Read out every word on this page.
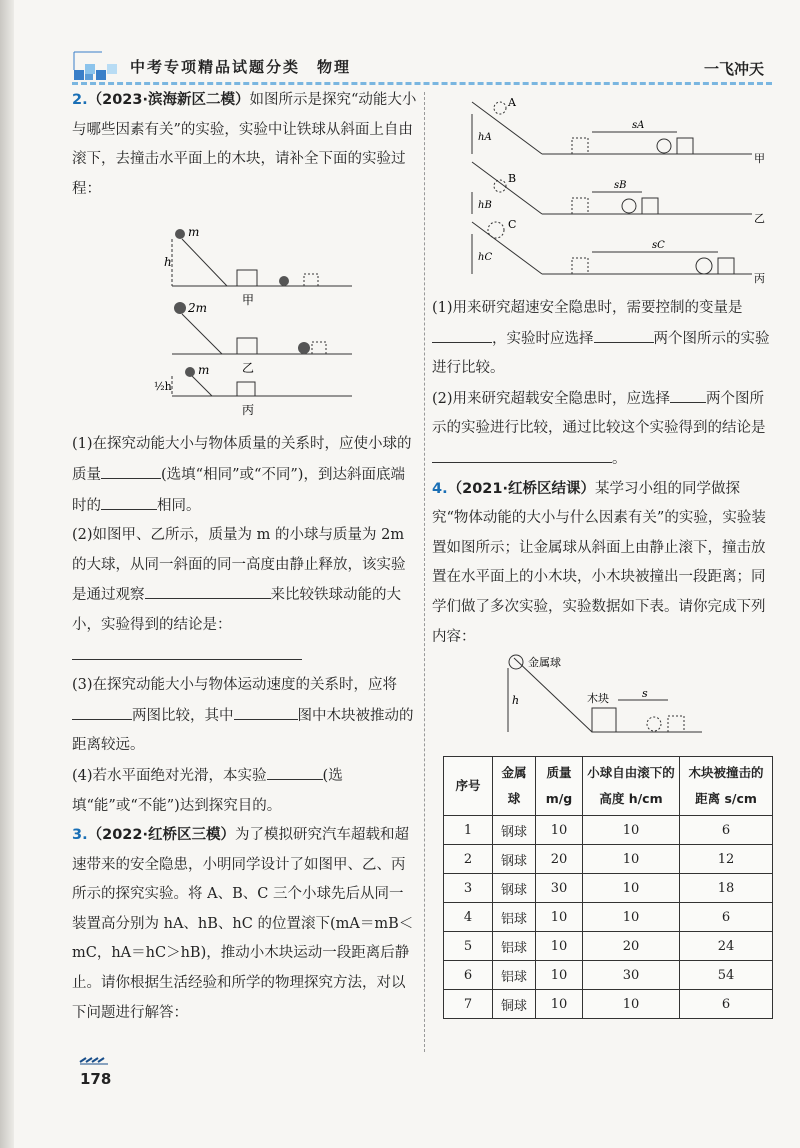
中考专项精品试题分类　物理	一飞冲天

2.（2023·滨海新区二模）如图所示是探究“动能大小与哪些因素有关”的实验，实验中让铁球从斜面上自由滚下，去撞击水平面上的木块，请补全下面的实验过程：

m
h
甲
2m
乙
m
½h
丙

(1)在探究动能大小与物体质量的关系时，应使小球的质量	(选填“相同”或“不同”)，到达斜面底端时的	相同。

(2)如图甲、乙所示，质量为 m 的小球与质量为 2m 的大球，从同一斜面的同一高度由静止释放，该实验是通过观察	来比较铁球动能的大小，实验得到的结论是：

(3)在探究动能大小与物体运动速度的关系时，应将两图比较，其中	图中木块被推动的距离较远。

(4)若水平面绝对光滑，本实验	(选填“能”或“不能”)达到探究目的。

3.（2022·红桥区三模）为了模拟研究汽车超载和超速带来的安全隐患，小明同学设计了如图甲、乙、丙所示的探究实验。将 A、B、C 三个小球先后从同一装置高分别为 hA、hB、hC 的位置滚下(mA＝mB＜mC，hA＝hC＞hB)，推动小木块运动一段距离后静止。请你根据生活经验和所学的物理探究方法，对以下问题进行解答：

A
B
C
hA
hB
hC
sA
sB
sC
甲
乙
丙

(1)用来研究超速安全隐患时，需要控制的变量是，实验时应选择	两个图所示的实验进行比较。

(2)用来研究超载安全隐患时，应选择 两个图所示的实验进行比较，通过比较这个实验得到的结论是。

4.（2021·红桥区结课）某学习小组的同学做探究“物体动能的大小与什么因素有关”的实验，实验装置如图所示；让金属球从斜面上由静止滚下，撞击放置在水平面上的小木块，小木块被撞出一段距离；同学们做了多次实验，实验数据如下表。请你完成下列内容：

金属球
木块
h
s
序号	金属球	质量 m/g	小球自由滚下的高度 h/cm	木块被撞击的距离 s/cm
1	钢球	10	10	6
2	钢球	20	10	12
3	钢球	30	10	18
4	铝球	10	10	6
5	铝球	10	20	24
6	铝球	10	30	54
7	铜球	10	10	6
178
